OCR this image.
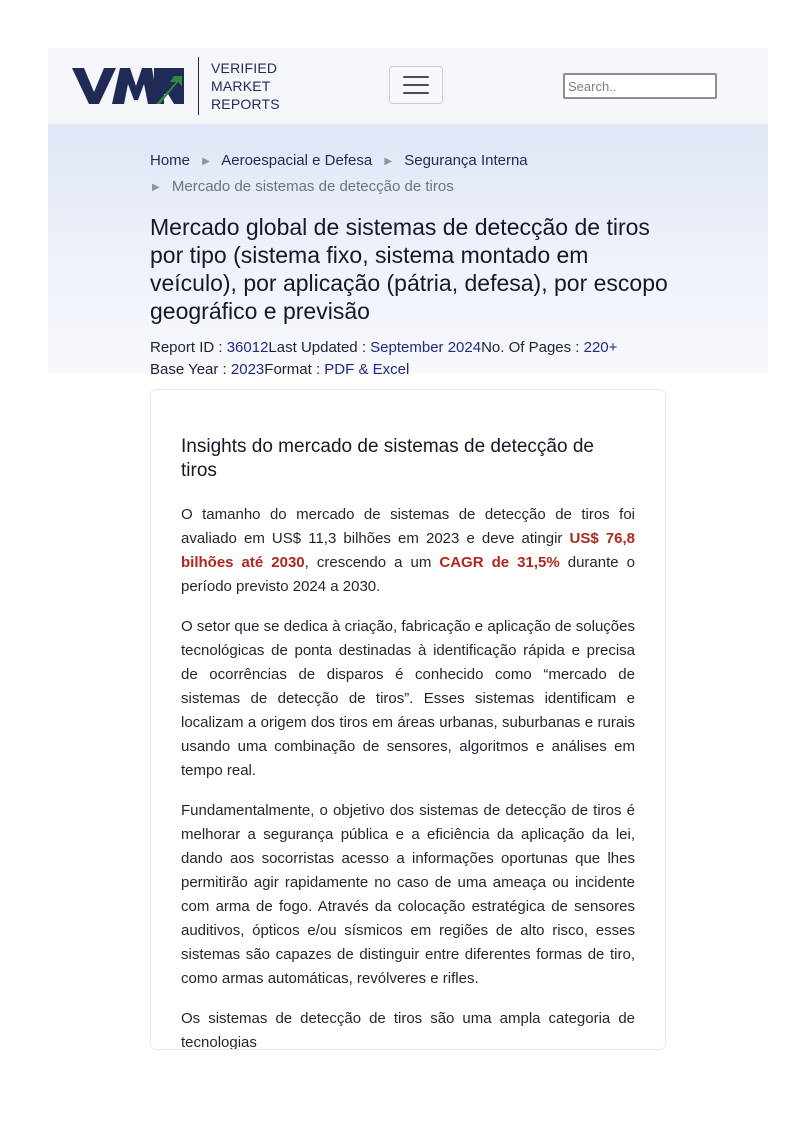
VERIFIED
MARKET
REPORTS
Search..
Home ▶ Aeroespacial e Defesa ▶ Segurança Interna
▶ Mercado de sistemas de detecção de tiros
Mercado global de sistemas de detecção de tiros por tipo (sistema fixo, sistema montado em veículo), por aplicação (pátria, defesa), por escopo geográfico e previsão
Report ID : 36012Last Updated : September 2024No. Of Pages : 220+
Base Year : 2023Format : PDF & Excel
Insights do mercado de sistemas de detecção de tiros

O tamanho do mercado de sistemas de detecção de tiros foi avaliado em US$ 11,3 bilhões em 2023 e deve atingir US$ 76,8 bilhões até 2030, crescendo a um CAGR de 31,5% durante o período previsto 2024 a 2030.

O setor que se dedica à criação, fabricação e aplicação de soluções tecnológicas de ponta destinadas à identificação rápida e precisa de ocorrências de disparos é conhecido como “mercado de sistemas de detecção de tiros”. Esses sistemas identificam e localizam a origem dos tiros em áreas urbanas, suburbanas e rurais usando uma combinação de sensores, algoritmos e análises em tempo real.

Fundamentalmente, o objetivo dos sistemas de detecção de tiros é melhorar a segurança pública e a eficiência da aplicação da lei, dando aos socorristas acesso a informações oportunas que lhes permitirão agir rapidamente no caso de uma ameaça ou incidente com arma de fogo. Através da colocação estratégica de sensores auditivos, ópticos e/ou sísmicos em regiões de alto risco, esses sistemas são capazes de distinguir entre diferentes formas de tiro, como armas automáticas, revólveres e rifles.

Os sistemas de detecção de tiros são uma ampla categoria de tecnologias
